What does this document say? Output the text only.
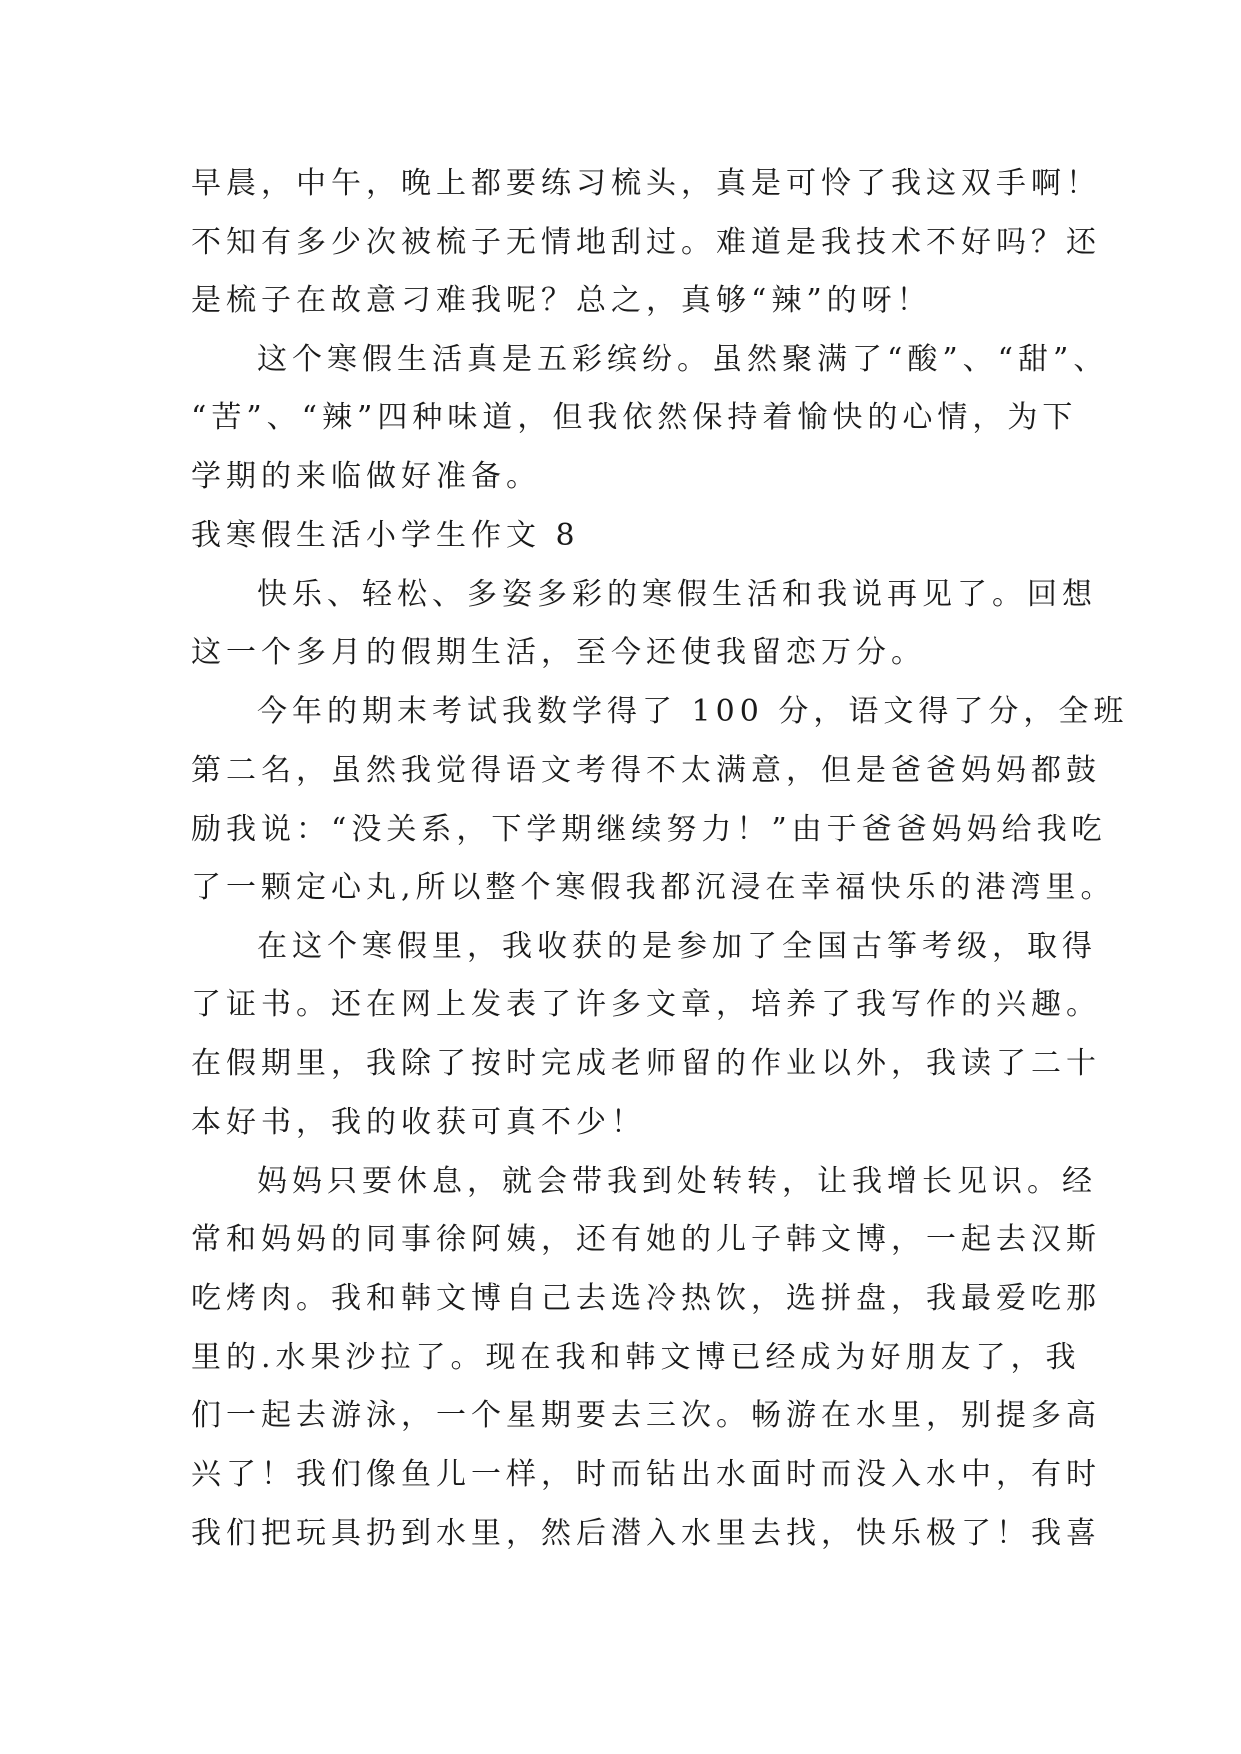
早晨，中午，晚上都要练习梳头，真是可怜了我这双手啊！
不知有多少次被梳子无情地刮过。难道是我技术不好吗？还
是梳子在故意刁难我呢？总之，真够“辣”的呀！
这个寒假生活真是五彩缤纷。虽然聚满了“酸”、“甜”、
“苦”、“辣”四种味道，但我依然保持着愉快的心情，为下
学期的来临做好准备。
我寒假生活小学生作文 8
快乐、轻松、多姿多彩的寒假生活和我说再见了。回想
这一个多月的假期生活，至今还使我留恋万分。
今年的期末考试我数学得了 100 分，语文得了分，全班
第二名，虽然我觉得语文考得不太满意，但是爸爸妈妈都鼓
励我说：“没关系，下学期继续努力！”由于爸爸妈妈给我吃
了一颗定心丸,所以整个寒假我都沉浸在幸福快乐的港湾里。
在这个寒假里，我收获的是参加了全国古筝考级，取得
了证书。还在网上发表了许多文章，培养了我写作的兴趣。
在假期里，我除了按时完成老师留的作业以外，我读了二十
本好书，我的收获可真不少！
妈妈只要休息，就会带我到处转转，让我增长见识。经
常和妈妈的同事徐阿姨，还有她的儿子韩文博，一起去汉斯
吃烤肉。我和韩文博自己去选冷热饮，选拼盘，我最爱吃那
里的.水果沙拉了。现在我和韩文博已经成为好朋友了，我
们一起去游泳，一个星期要去三次。畅游在水里，别提多高
兴了！我们像鱼儿一样，时而钻出水面时而没入水中，有时
我们把玩具扔到水里，然后潜入水里去找，快乐极了！我喜
